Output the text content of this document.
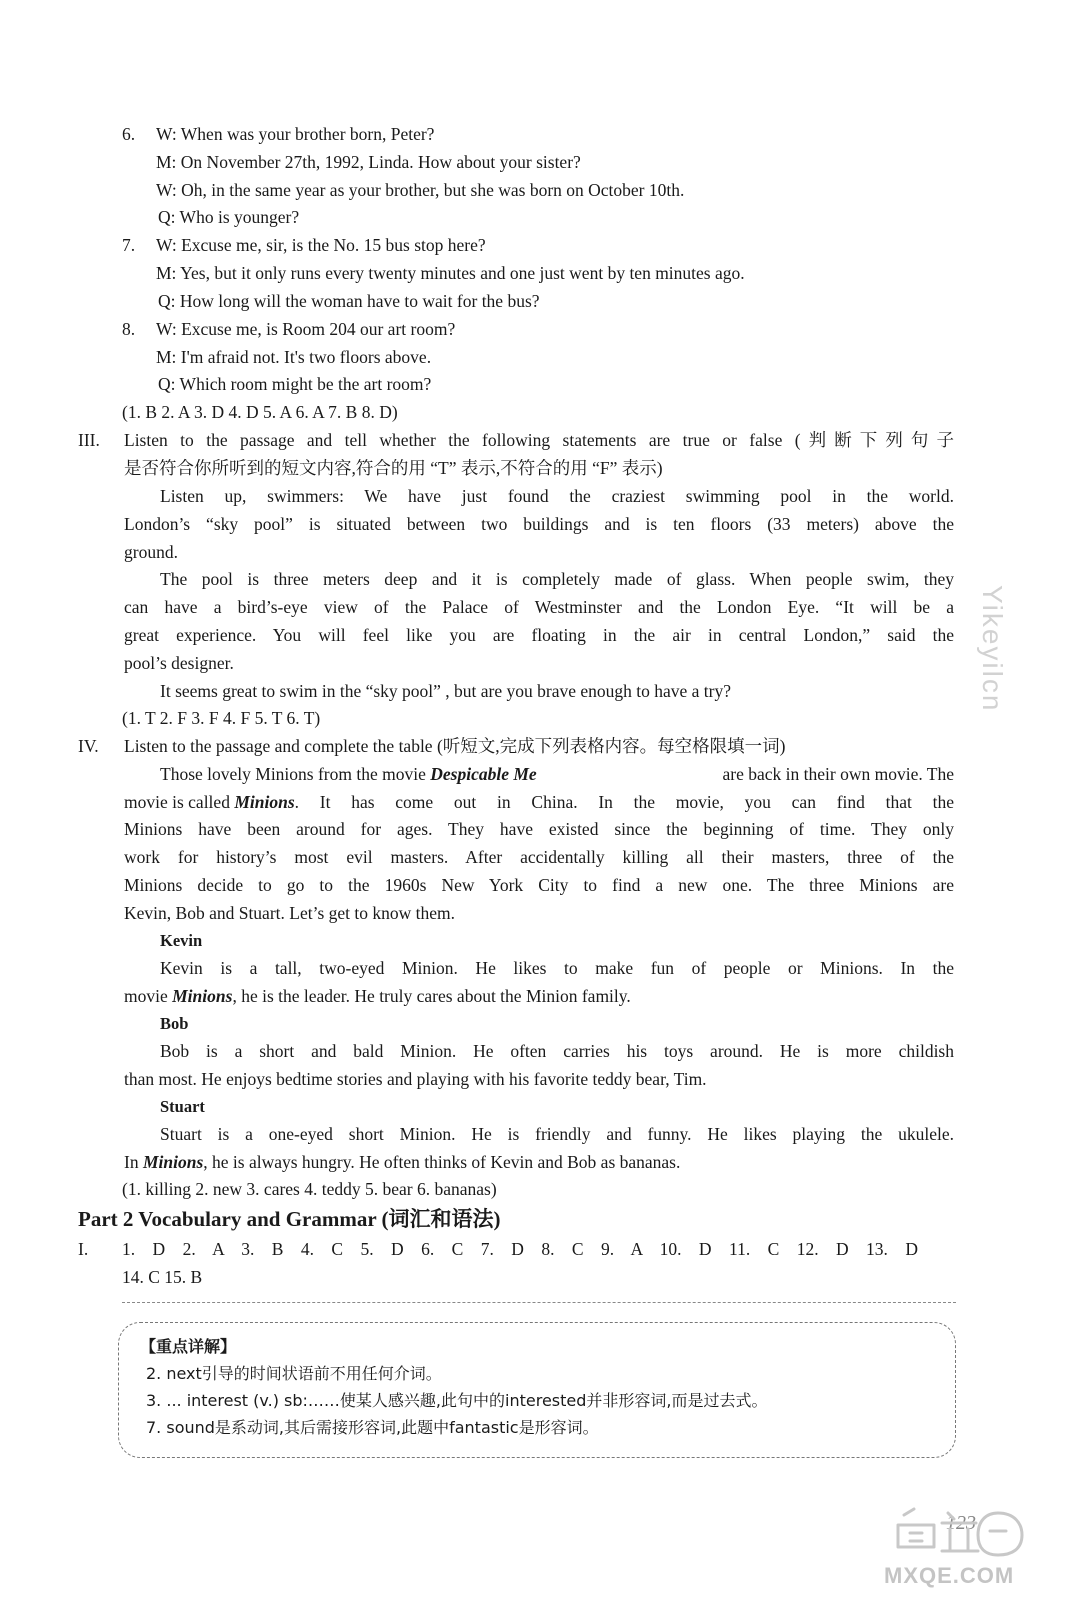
6. W: When was your brother born, Peter?
M: On November 27th, 1992, Linda. How about your sister?
W: Oh, in the same year as your brother, but she was born on October 10th.
Q: Who is younger?
7. W: Excuse me, sir, is the No. 15 bus stop here?
M: Yes, but it only runs every twenty minutes and one just went by ten minutes ago.
Q: How long will the woman have to wait for the bus?
8. W: Excuse me, is Room 204 our art room?
M: I'm afraid not. It's two floors above.
Q: Which room might be the art room?
(1. B 2. A 3. D 4. D 5. A 6. A 7. B 8. D)
III. Listen to the passage and tell whether the following statements are true or false (判断下列句子
是否符合你所听到的短文内容,符合的用 “T” 表示,不符合的用 “F” 表示)
Listen up, swimmers: We have just found the craziest swimming pool in the world.
London’s “sky pool” is situated between two buildings and is ten floors (33 meters) above the
ground.
The pool is three meters deep and it is completely made of glass. When people swim, they
can have a bird’s-eye view of the Palace of Westminster and the London Eye. “It will be a
great experience. You will feel like you are floating in the air in central London,” said the
pool’s designer.
It seems great to swim in the “sky pool” , but are you brave enough to have a try?
(1. T 2. F 3. F 4. F 5. T 6. T)
IV. Listen to the passage and complete the table (听短文,完成下列表格内容。每空格限填一词)
Those lovely Minions from the movie Despicable Me	are back in their own movie. The
movie is called Minions . It has come out in China. In the movie, you can find that the
Minions have been around for ages. They have existed since the beginning of time. They only
work for history’s most evil masters. After accidentally killing all their masters, three of the
Minions decide to go to the 1960s New York City to find a new one. The three Minions are
Kevin, Bob and Stuart. Let’s get to know them.
Kevin
Kevin is a tall, two-eyed Minion. He likes to make fun of people or Minions. In the
movie Minions , he is the leader. He truly cares about the Minion family.
Bob
Bob is a short and bald Minion. He often carries his toys around. He is more childish
than most. He enjoys bedtime stories and playing with his favorite teddy bear, Tim.
Stuart
Stuart is a one-eyed short Minion. He is friendly and funny. He likes playing the ukulele.
In Minions , he is always hungry. He often thinks of Kevin and Bob as bananas.
(1. killing 2. new 3. cares 4. teddy 5. bear 6. bananas)
Part 2 Vocabulary and Grammar (词汇和语法)
I. 1. D 2. A 3. B 4. C 5. D 6. C 7. D 8. C 9. A 10. D 11. C 12. D 13. D
14. C 15. B
【重点详解】
2. next引导的时间状语前不用任何介词。
3. ... interest (v.) sb:……使某人感兴趣,此句中的interested并非形容词,而是过去式。
7. sound是系动词,其后需接形容词,此题中fantastic是形容词。
Yikeyilcn
123
MXQE.COM
